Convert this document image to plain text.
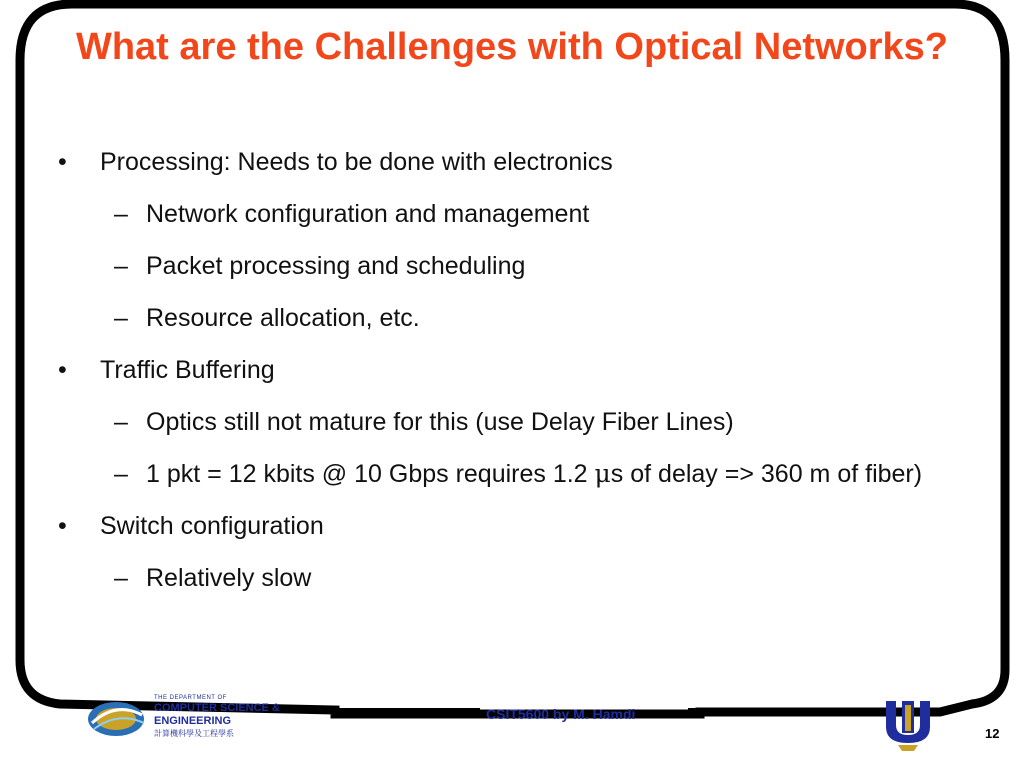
What are the Challenges with Optical Networks?
• Processing: Needs to be done with electronics
– Network configuration and management
– Packet processing and scheduling
– Resource allocation, etc.
• Traffic Buffering
– Optics still not mature for this (use Delay Fiber Lines)
– 1 pkt = 12 kbits @ 10 Gbps requires 1.2 μs of delay => 360 m of fiber)
• Switch configuration
– Relatively slow
THE DEPARTMENT OF
COMPUTER SCIENCE &
ENGINEERING
計算機科學及工程學系
CSIT5600 by M. Hamdi
12
